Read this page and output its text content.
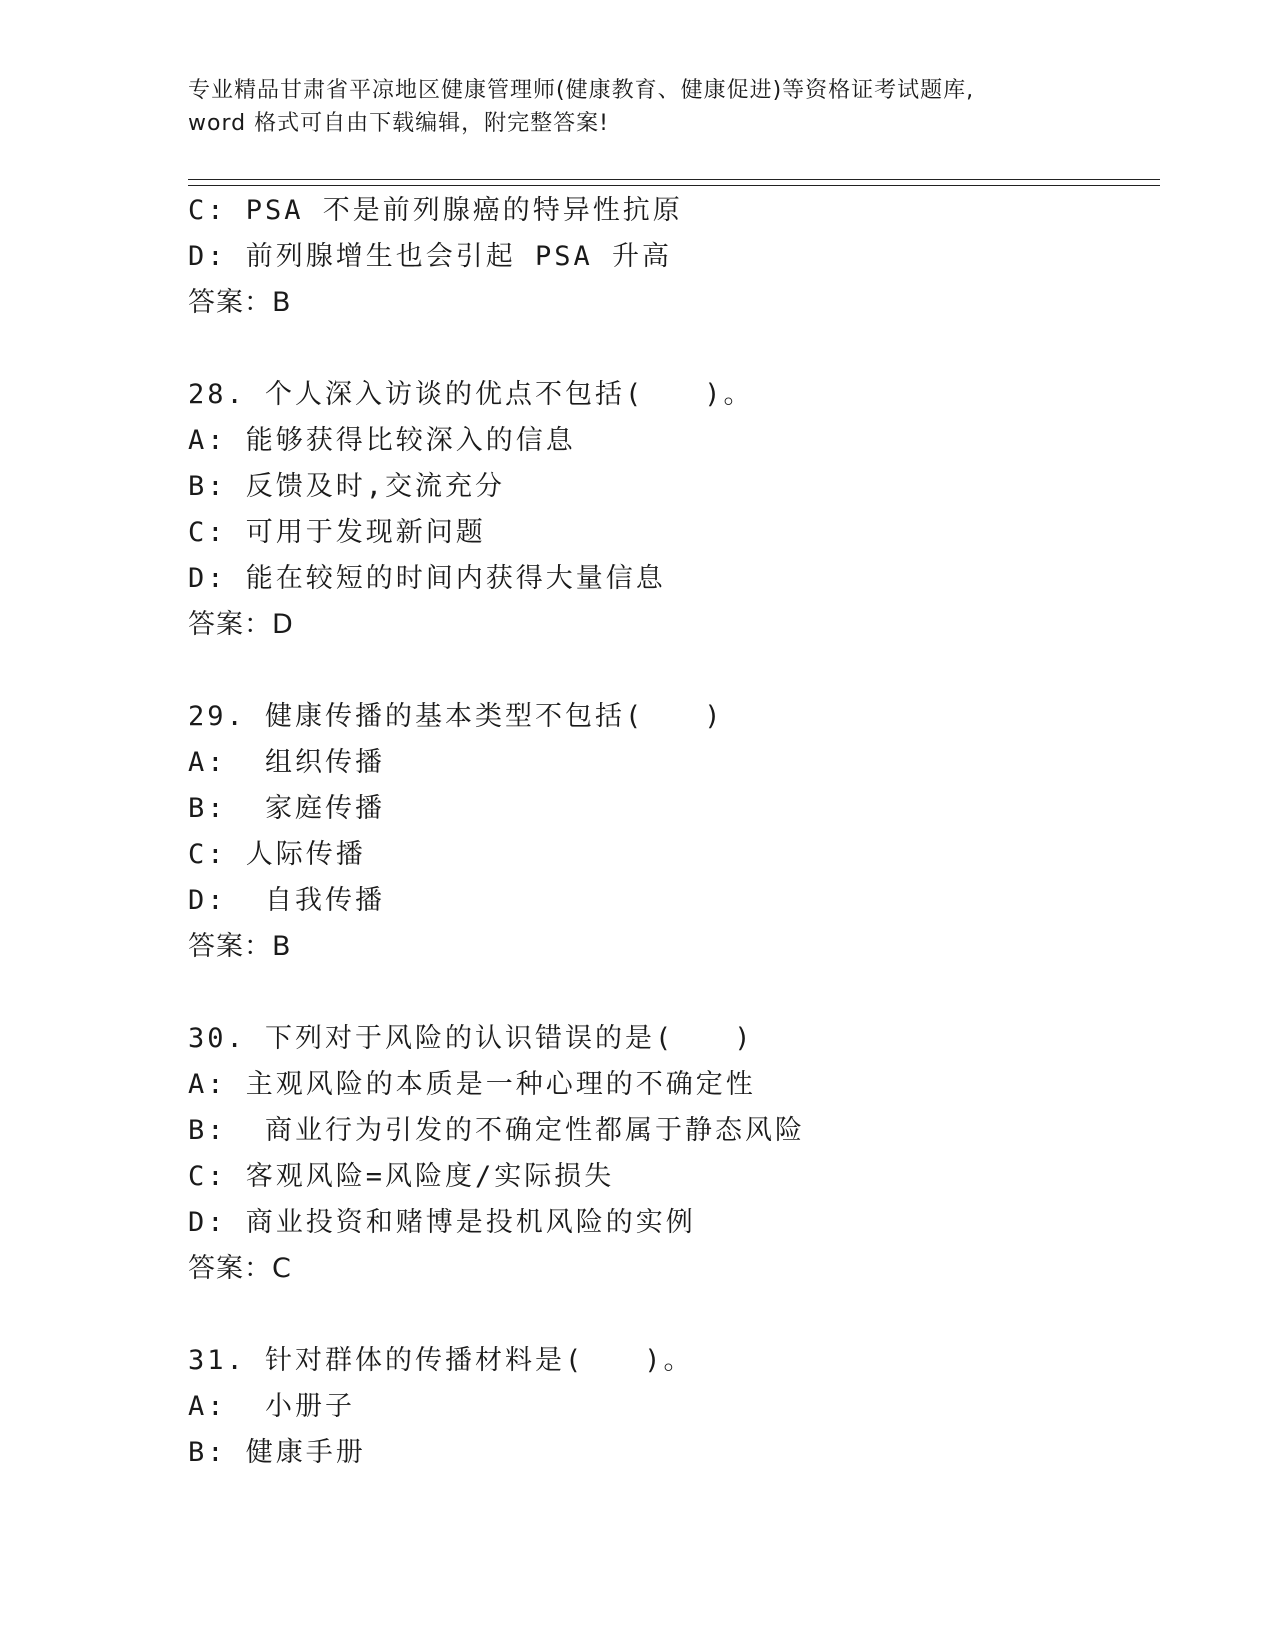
专业精品甘肃省平凉地区健康管理师(健康教育、健康促进)等资格证考试题库,
word 格式可自由下载编辑，附完整答案!
C: PSA 不是前列腺癌的特异性抗原
D: 前列腺增生也会引起 PSA 升高
答案：B
28. 个人深入访谈的优点不包括(　　)。
A: 能够获得比较深入的信息
B: 反馈及时,交流充分
C: 可用于发现新问题
D: 能在较短的时间内获得大量信息
答案：D
29. 健康传播的基本类型不包括(　　)
A:  组织传播
B:  家庭传播
C: 人际传播
D:  自我传播
答案：B
30. 下列对于风险的认识错误的是(　　)
A: 主观风险的本质是一种心理的不确定性
B:  商业行为引发的不确定性都属于静态风险
C: 客观风险=风险度/实际损失
D: 商业投资和赌博是投机风险的实例
答案：C
31. 针对群体的传播材料是(　　)。
A:  小册子
B: 健康手册
